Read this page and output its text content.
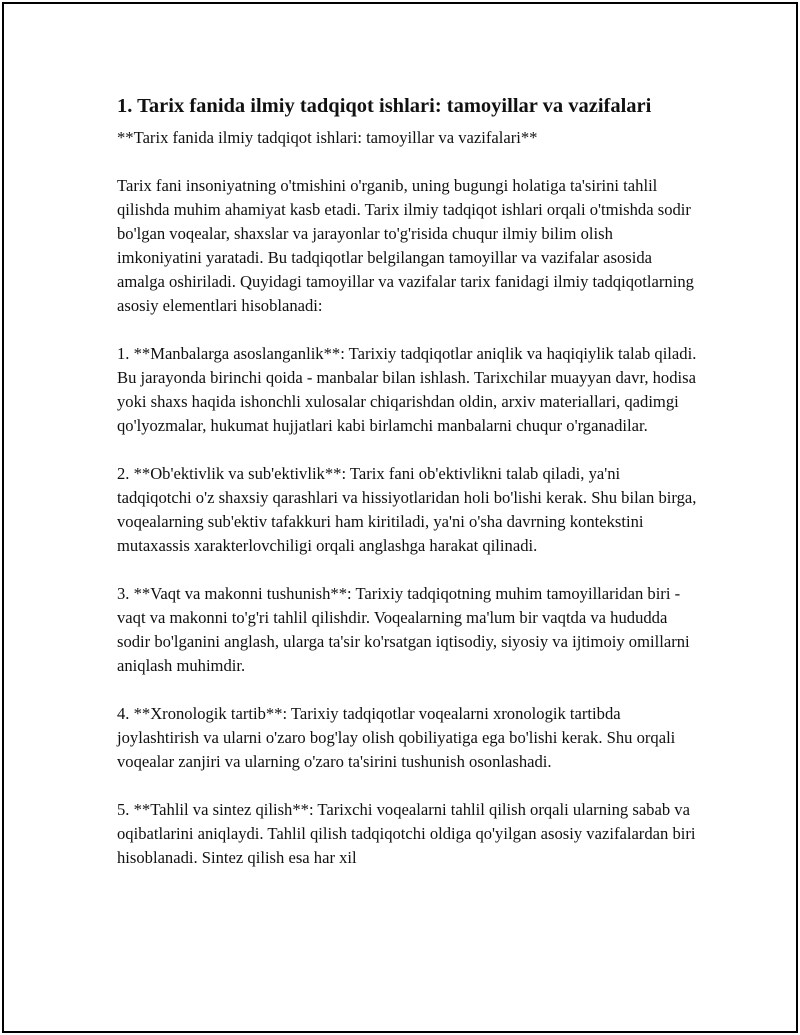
1. Tarix fanida ilmiy tadqiqot ishlari: tamoyillar va vazifalari

**Tarix fanida ilmiy tadqiqot ishlari: tamoyillar va vazifalari**

Tarix fani insoniyatning o'tmishini o'rganib, uning bugungi holatiga ta'sirini tahlil qilishda muhim ahamiyat kasb etadi. Tarix ilmiy tadqiqot ishlari orqali o'tmishda sodir bo'lgan voqealar, shaxslar va jarayonlar to'g'risida chuqur ilmiy bilim olish imkoniyatini yaratadi. Bu tadqiqotlar belgilangan tamoyillar va vazifalar asosida amalga oshiriladi. Quyidagi tamoyillar va vazifalar tarix fanidagi ilmiy tadqiqotlarning asosiy elementlari hisoblanadi:

1. **Manbalarga asoslanganlik**: Tarixiy tadqiqotlar aniqlik va haqiqiylik talab qiladi. Bu jarayonda birinchi qoida - manbalar bilan ishlash. Tarixchilar muayyan davr, hodisa yoki shaxs haqida ishonchli xulosalar chiqarishdan oldin, arxiv materiallari, qadimgi qo'lyozmalar, hukumat hujjatlari kabi birlamchi manbalarni chuqur o'rganadilar.

2. **Ob'ektivlik va sub'ektivlik**: Tarix fani ob'ektivlikni talab qiladi, ya'ni tadqiqotchi o'z shaxsiy qarashlari va hissiyotlaridan holi bo'lishi kerak. Shu bilan birga, voqealarning sub'ektiv tafakkuri ham kiritiladi, ya'ni o'sha davrning kontekstini mutaxassis xarakterlovchiligi orqali anglashga harakat qilinadi.

3. **Vaqt va makonni tushunish**: Tarixiy tadqiqotning muhim tamoyillaridan biri - vaqt va makonni to'g'ri tahlil qilishdir. Voqealarning ma'lum bir vaqtda va hududda sodir bo'lganini anglash, ularga ta'sir ko'rsatgan iqtisodiy, siyosiy va ijtimoiy omillarni aniqlash muhimdir.

4. **Xronologik tartib**: Tarixiy tadqiqotlar voqealarni xronologik tartibda joylashtirish va ularni o'zaro bog'lay olish qobiliyatiga ega bo'lishi kerak. Shu orqali voqealar zanjiri va ularning o'zaro ta'sirini tushunish osonlashadi.

5. **Tahlil va sintez qilish**: Tarixchi voqealarni tahlil qilish orqali ularning sabab va oqibatlarini aniqlaydi. Tahlil qilish tadqiqotchi oldiga qo'yilgan asosiy vazifalardan biri hisoblanadi. Sintez qilish esa har xil
